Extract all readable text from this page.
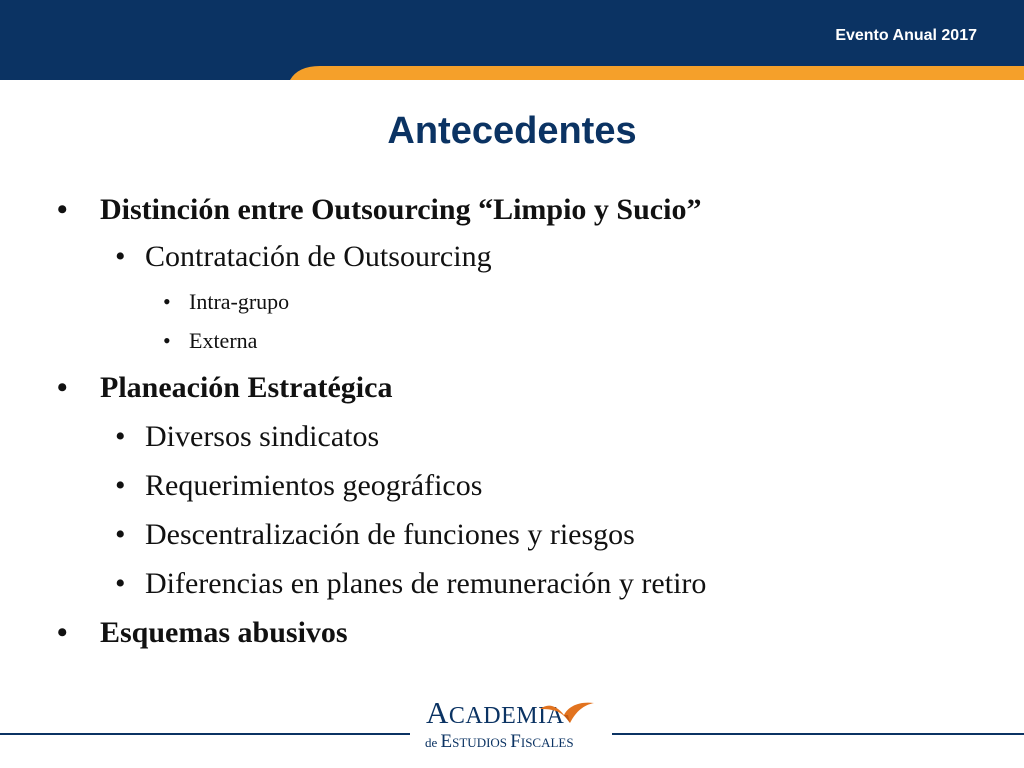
Evento Anual 2017
Antecedentes
• Distinción entre Outsourcing “Limpio y Sucio”
• Contratación de Outsourcing
• Intra-grupo
• Externa
• Planeación Estratégica
• Diversos sindicatos
• Requerimientos geográficos
• Descentralización de funciones y riesgos
• Diferencias en planes de remuneración y retiro
• Esquemas abusivos
ACADEMIA
de ESTUDIOS FISCALES
